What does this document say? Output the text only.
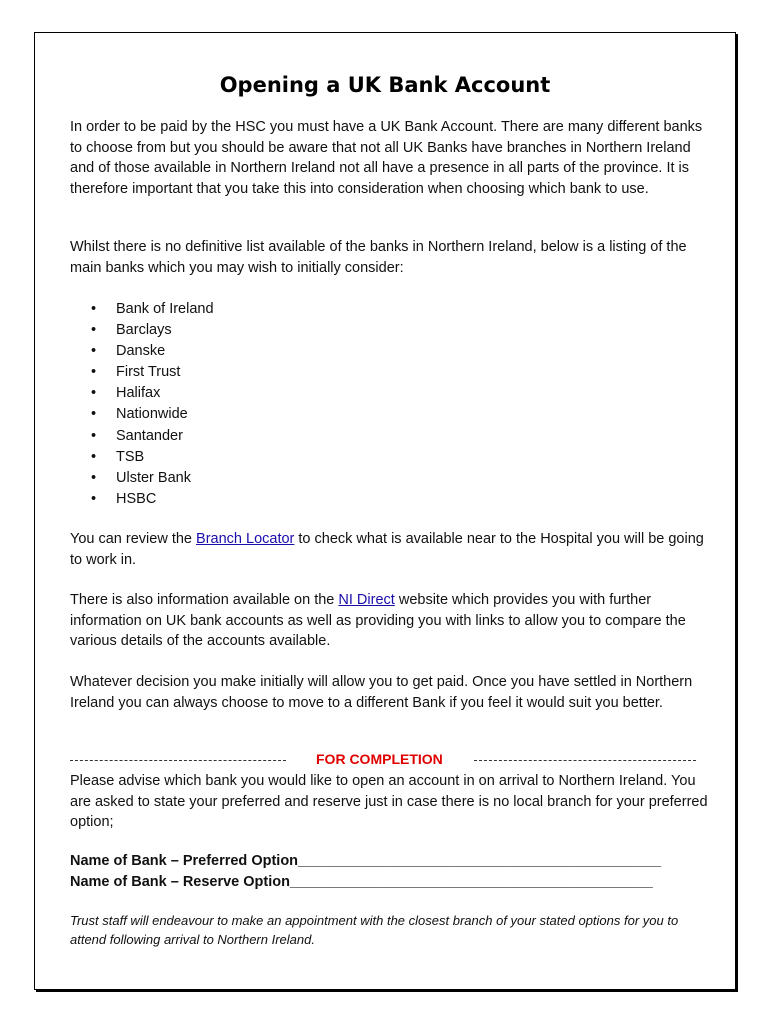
Opening a UK Bank Account
In order to be paid by the HSC you must have a UK Bank Account. There are many different banks to choose from but you should be aware that not all UK Banks have branches in Northern Ireland and of those available in Northern Ireland not all have a presence in all parts of the province. It is therefore important that you take this into consideration when choosing which bank to use.
Whilst there is no definitive list available of the banks in Northern Ireland, below is a listing of the main banks which you may wish to initially consider:
• Bank of Ireland
• Barclays
• Danske
• First Trust
• Halifax
• Nationwide
• Santander
• TSB
• Ulster Bank
• HSBC
You can review the Branch Locator to check what is available near to the Hospital you will be going to work in.
There is also information available on the NI Direct website which provides you with further information on UK bank accounts as well as providing you with links to allow you to compare the various details of the accounts available.
Whatever decision you make initially will allow you to get paid. Once you have settled in Northern Ireland you can always choose to move to a different Bank if you feel it would suit you better.
FOR COMPLETION
Please advise which bank you would like to open an account in on arrival to Northern Ireland. You are asked to state your preferred and reserve just in case there is no local branch for your preferred option;
Name of Bank – Preferred Option_____________________________________________
Name of Bank – Reserve Option_____________________________________________
Trust staff will endeavour to make an appointment with the closest branch of your stated options for you to attend following arrival to Northern Ireland.
